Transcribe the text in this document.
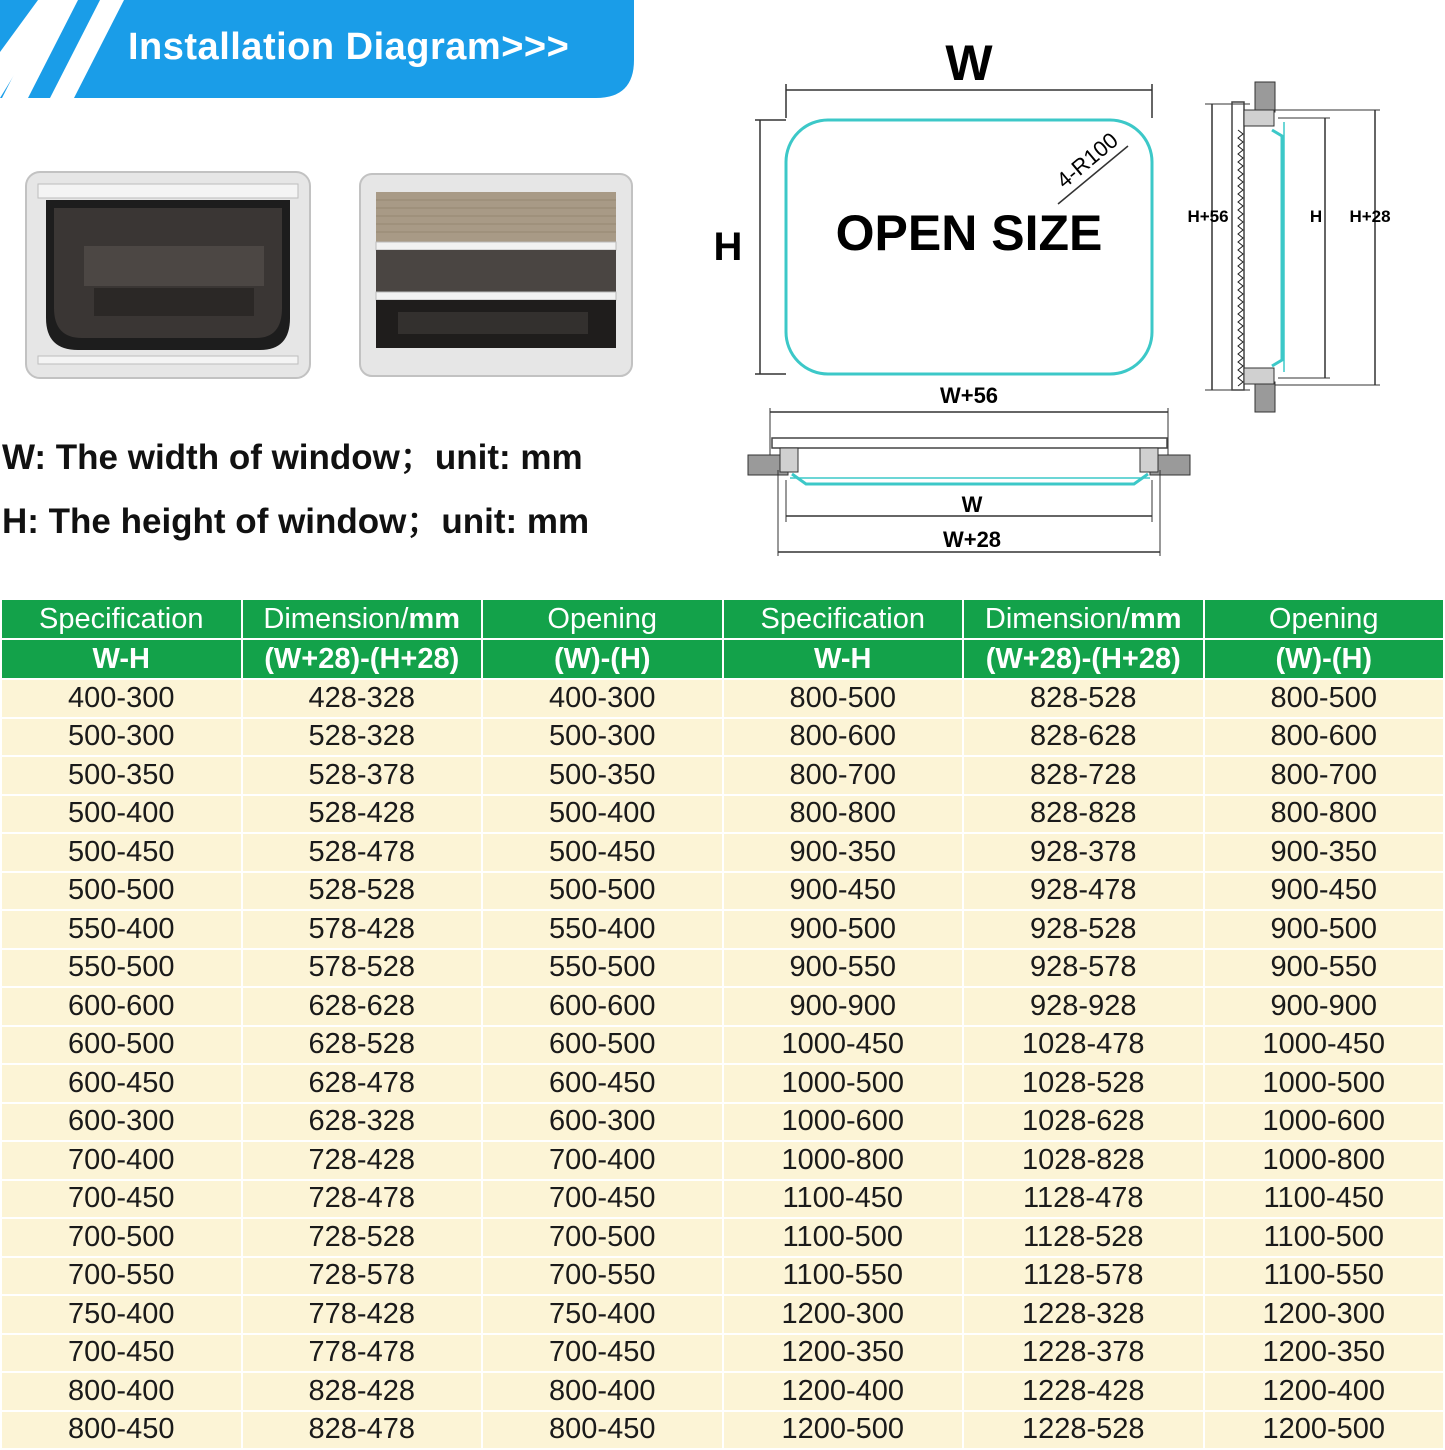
Installation Diagram>>>
W: The width of window；unit: mm
H: The height of window；unit: mm
W
H
4-R100
OPEN SIZE	H+56	H H+28
W+56
W
W+28
Specification	Dimension/mm	Opening	Specification	Dimension/mm	Opening
W-H	(W+28)-(H+28)	(W)-(H)	W-H	(W+28)-(H+28)	(W)-(H)
400-300	428-328	400-300	800-500	828-528	800-500
500-300	528-328	500-300	800-600	828-628	800-600
500-350	528-378	500-350	800-700	828-728	800-700
500-400	528-428	500-400	800-800	828-828	800-800
500-450	528-478	500-450	900-350	928-378	900-350
500-500	528-528	500-500	900-450	928-478	900-450
550-400	578-428	550-400	900-500	928-528	900-500
550-500	578-528	550-500	900-550	928-578	900-550
600-600	628-628	600-600	900-900	928-928	900-900
600-500	628-528	600-500	1000-450	1028-478	1000-450
600-450	628-478	600-450	1000-500	1028-528	1000-500
600-300	628-328	600-300	1000-600	1028-628	1000-600
700-400	728-428	700-400	1000-800	1028-828	1000-800
700-450	728-478	700-450	1100-450	1128-478	1100-450
700-500	728-528	700-500	1100-500	1128-528	1100-500
700-550	728-578	700-550	1100-550	1128-578	1100-550
750-400	778-428	750-400	1200-300	1228-328	1200-300
700-450	778-478	700-450	1200-350	1228-378	1200-350
800-400	828-428	800-400	1200-400	1228-428	1200-400
800-450	828-478	800-450	1200-500	1228-528	1200-500
